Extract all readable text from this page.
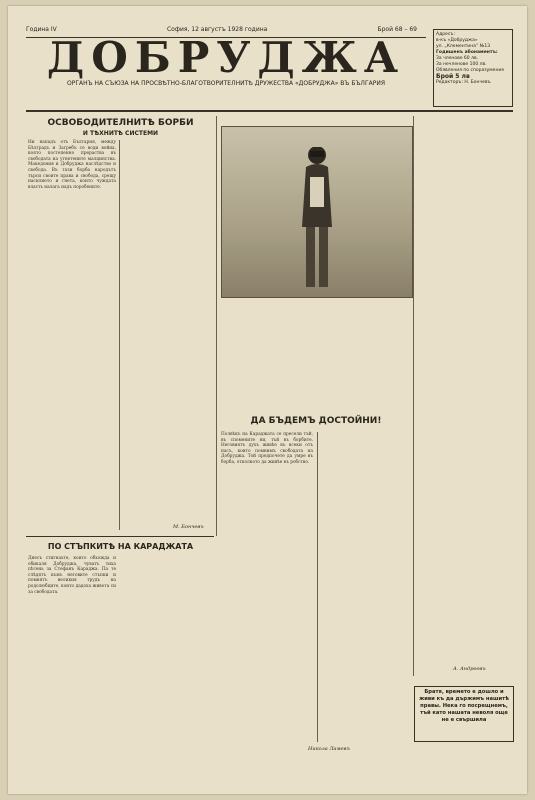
Година IV	София, 12 августъ 1928 година	Брой 68 – 69
ДОБРУДЖА
ОРГАНЪ НА СЪЮЗА НА ПРОСВѢТНО-БЛАГОТВОРИТЕЛНИТѢ ДРУЖЕСТВА «ДОБРУДЖА» ВЪ БЪЛГАРИЯ
Адресъ:
в-къ «Добруджа»
ул. „Клементина“ №13
Годишенъ абонаментъ:
За членове 60 лв.
За нечленове 100 лв.
Обявления по споразумение
Брой 5 лв
Редакторъ: Н. Бончевъ
ОСВОБОДИТЕЛНИТѢ БОРБИ
И ТѢХНИТѢ СИСТЕМИ
Ни нападъ отъ България, между Бѣлградъ и Загребъ се води война, която постепенно прераства въ свободата на угнетените малцинства. Македония и Добруджа наслѣдство и свобода. Въ тази борба народътъ търси своите права и свобода, срещу насилието и гнета, които чуждата власть налага надъ поробените.
М. Бончевъ
ДА БЪДЕМЪ ДОСТОЙНИ!
Полвѣкъ на Караджата се пресели тъй, въ спомените ни, тъй въ борбите. Неговиятъ духъ живѣе въ всеки отъ насъ, които помнимъ свободата на Добруджа. Той предпочете да умре въ борба, отколкото да живѣе въ робство.
А. Андреевъ
ПО СТЪПКИТѢ НА КАРАДЖАТА
Днесъ стигнахте, които обхожда и обикаля Добруджа, чуватъ тиха пѣсень за Стефанъ Караджа. Па те слѣдятъ къмъ неговите стъпки и помнятъ великия трудъ на родолюбците, които дадоха живота си за свободата.
Никола Ламевъ
Братя, времето е дошло и живи къ да държимъ нашитѣ правы. Нека го посрещнемъ, тъй като нашата неволя още не е свършила
